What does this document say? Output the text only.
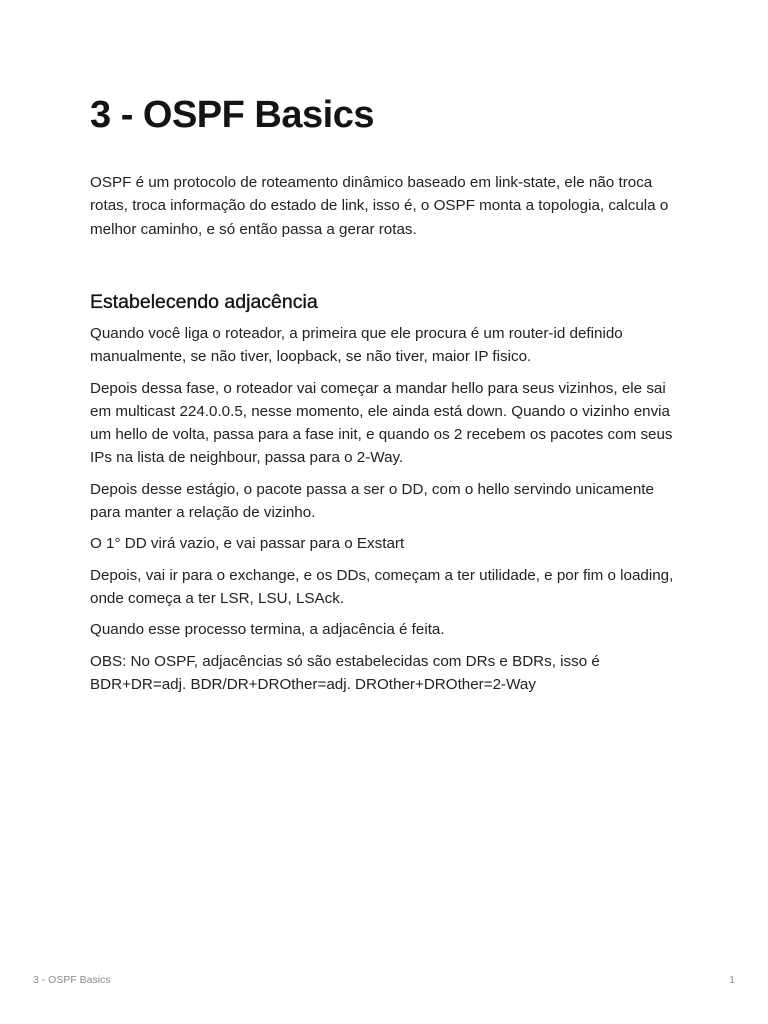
3 - OSPF Basics

OSPF é um protocolo de roteamento dinâmico baseado em link-state, ele não troca rotas, troca informação do estado de link, isso é, o OSPF monta a topologia, calcula o melhor caminho, e só então passa a gerar rotas.

Estabelecendo adjacência

Quando você liga o roteador, a primeira que ele procura é um router-id definido manualmente, se não tiver, loopback, se não tiver, maior IP fisico.

Depois dessa fase, o roteador vai começar a mandar hello para seus vizinhos, ele sai em multicast 224.0.0.5, nesse momento, ele ainda está down. Quando o vizinho envia um hello de volta, passa para a fase init, e quando os 2 recebem os pacotes com seus IPs na lista de neighbour, passa para o 2-Way.

Depois desse estágio, o pacote passa a ser o DD, com o hello servindo unicamente para manter a relação de vizinho.

O 1° DD virá vazio, e vai passar para o Exstart

Depois, vai ir para o exchange, e os DDs, começam a ter utilidade, e por fim o loading, onde começa a ter LSR, LSU, LSAck.

Quando esse processo termina, a adjacência é feita.

OBS: No OSPF, adjacências só são estabelecidas com DRs e BDRs, isso é BDR+DR=adj. BDR/DR+DROther=adj. DROther+DROther=2-Way

3 - OSPF Basics	1
